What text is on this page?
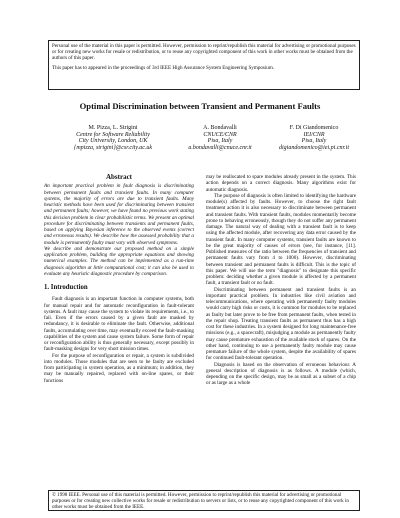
Personal use of the material in this paper is permitted. However, permission to reprint/republish this material for advertising or promotional purposes or for creating new works for resale or redistribution, or to reuse any copyrighted component of this work in other works must be obtained from the authors of this paper.

This paper has to appeared in the proceedings of 3rd IEEE High Assurance System Engineering Symposium.

Optimal Discrimination between Transient and Permanent Faults
M. Pizza, L. Strigini
Centre for Software Reliability
City University, London, UK
{mpizza, strigini}@csr.city.ac.uk
A. Bondavalli
CNUCE/CNR
Pisa, Italy
a.bondavalli@cnuce.cnr.it
F. Di Giandomenico
IEI/CNR
Pisa, Italy
digiandomenico@iei.pi.cnr.it
Abstract

An important practical problem in fault diagnosis is discriminating between permanent faults and transient faults. In many computer systems, the majority of errors are due to transient faults. Many heuristic methods have been used for discriminating between transient and permanent faults; however, we have found no previous work stating this decision problem in clear probabilistic terms. We present an optimal procedure for discriminating between transients and permanent faults, based on applying Bayesian inference to the observed events (correct and erroneous results). We describe how the assessed probability that a module is permanently faulty must vary with observed symptoms.

We describe and demonstrate our proposed method on a simple application problem, building the appropriate equations and showing numerical examples. The method can be implemented as a run-time diagnosis algorithm at little computational cost; it can also be used to evaluate any heuristic diagnostic procedure by comparison.

1. Introduction

Fault diagnosis is an important function in computer systems, both for manual repair and for automatic reconfiguration in fault-tolerant systems. A fault may cause the system to violate its requirements, i.e., to fail. Even if the errors caused by a given fault are masked by redundancy, it is desirable to eliminate the fault. Otherwise, additional faults, accumulating over time, may eventually exceed the fault-masking capabilities of the system and cause system failure. Some form of repair or reconfiguration ability is thus generally necessary, except possibly in fault-masking designs for very short mission times.

For the purpose of reconfiguration or repair, a system is subdivided into modules. Those modules that are seen to be faulty are excluded from participating in system operation, as a minimum; in addition, they may be manually repaired, replaced with on-line spares, or their functions

may be reallocated to spare modules already present in the system. This action depends on a correct diagnosis. Many algorithms exist for automatic diagnosis.

The purpose of diagnosis is often limited to identifying the hardware module(s) affected by faults. However, to choose the right fault treatment action it is also necessary to discriminate between permanent and transient faults. With transient faults, modules momentarily become prone to behaving erroneously, though they do not suffer any permanent damage. The natural way of dealing with a transient fault is to keep using the affected module, after recovering any data error caused by the transient fault. In many computer systems, transient faults are known to be the great majority of causes of errors (see, for instance, [11]. Published measures of the ratio between the frequencies of transient and permanent faults vary from 4 to 1000). However, discriminating between transient and permanent faults is difficult. This is the topic of this paper. We will use the term "diagnosis" to designate this specific problem: deciding whether a given module is affected by a permanent fault, a transient fault or no fault.

Discriminating between permanent and transient faults is an important practical problem. In industries like civil aviation and telecommunications, where operating with permanently faulty modules would carry high risks or costs, it is common for modules to be replaced as faulty but later prove to be free from permanent faults, when tested in the repair shop. Treating transient faults as permanent thus has a high cost for these industries. In a system designed for long maintenance-free missions (e.g., a spacecraft), misjudging a module as permanently faulty may cause premature exhaustion of the available stock of spares. On the other hand, continuing to use a permanently faulty module may cause premature failure of the whole system, despite the availability of spares for continued fault-tolerant operation.

Diagnosis is based on the observation of erroneous behaviour. A general description of diagnosis is as follows. A module (which, depending on the specific design, may be as small as a subset of a chip or as large as a whole

© 1998 IEEE. Personal use of this material is permitted. However, permission to reprint/republish this material for advertising or promotional purposes or for creating new collective works for resale or redistribution to servers or lists, or to reuse any copyrighted component of this work in other works must be obtained from the IEEE.
